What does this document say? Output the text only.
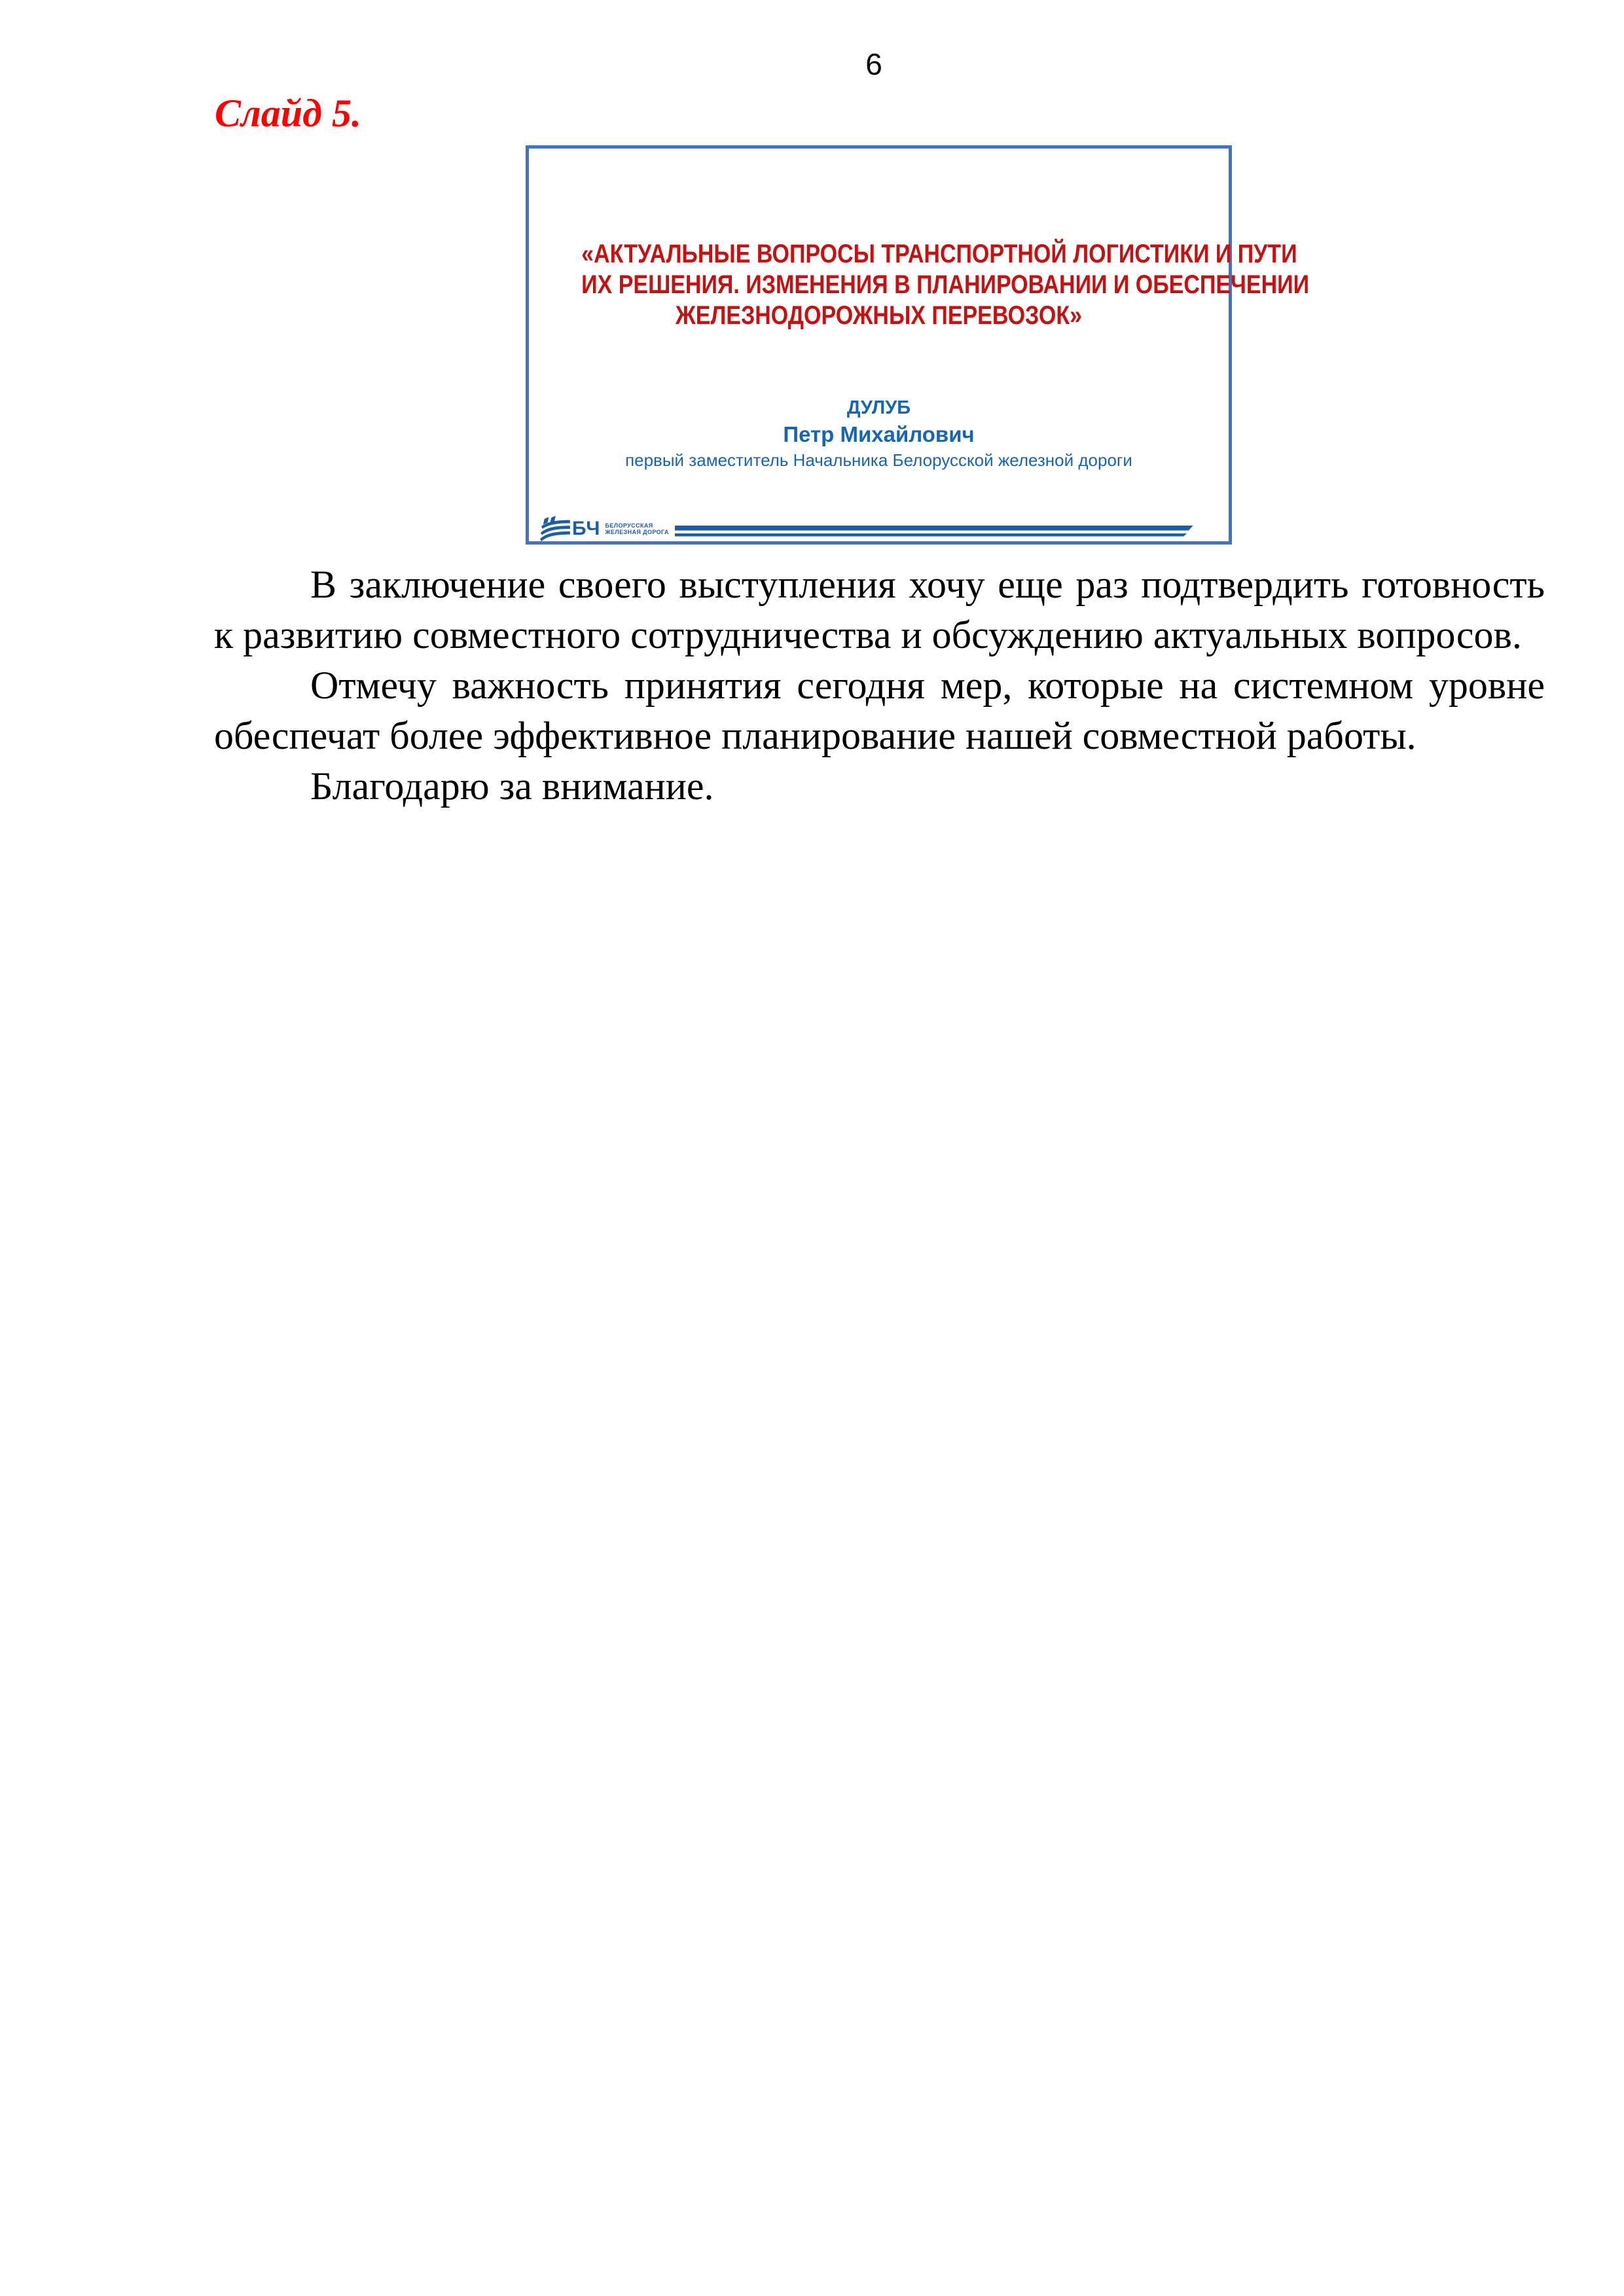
6
Слайд 5.
«АКТУАЛЬНЫЕ ВОПРОСЫ ТРАНСПОРТНОЙ ЛОГИСТИКИ И ПУТИ
ИХ РЕШЕНИЯ. ИЗМЕНЕНИЯ В ПЛАНИРОВАНИИ И ОБЕСПЕЧЕНИИ
ЖЕЛЕЗНОДОРОЖНЫХ ПЕРЕВОЗОК»
ДУЛУБ
Петр Михайлович
первый заместитель Начальника Белорусской железной дороги
БЧ БЕЛОРУССКАЯ
ЖЕЛЕЗНАЯ ДОРОГА

В заключение своего выступления хочу еще раз подтвердить готовность к развитию совместного сотрудничества и обсуждению актуальных вопросов.

Отмечу важность принятия сегодня мер, которые на системном уровне обеспечат более эффективное планирование нашей совместной работы.

Благодарю за внимание.
